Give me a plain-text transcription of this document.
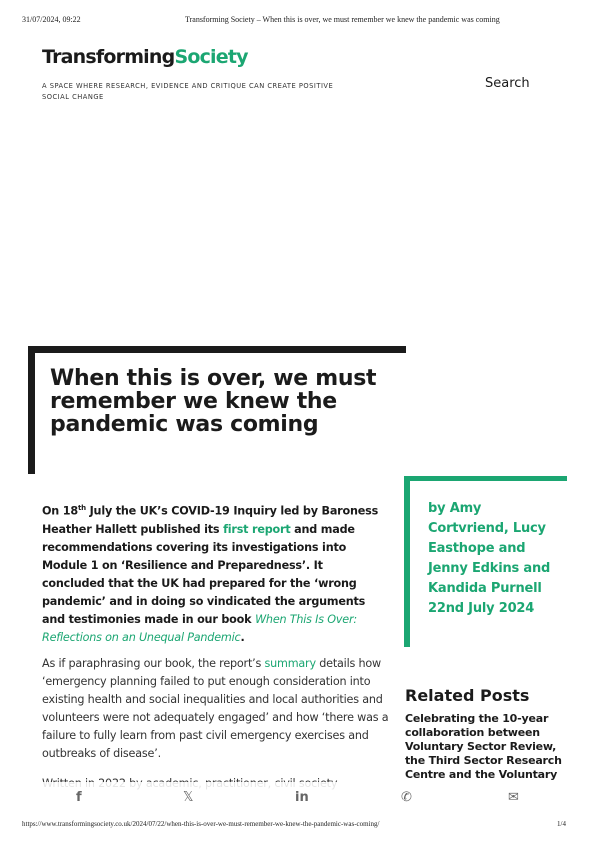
31/07/2024, 09:22	Transforming Society – When this is over, we must remember we knew the pandemic was coming
TransformingSociety
A SPACE WHERE RESEARCH, EVIDENCE AND CRITIQUE CAN CREATE POSITIVE SOCIAL CHANGE
Search
When this is over, we must remember we knew the pandemic was coming

On 18th July the UK’s COVID-19 Inquiry led by Baroness Heather Hallett published its first report and made recommendations covering its investigations into Module 1 on ‘Resilience and Preparedness’. It concluded that the UK had prepared for the ‘wrong pandemic’ and in doing so vindicated the arguments and testimonies made in our book When This Is Over: Reflections on an Unequal Pandemic.

As if paraphrasing our book, the report’s summary details how ‘emergency planning failed to put enough consideration into existing health and social inequalities and local authorities and volunteers were not adequately engaged’ and how ‘there was a failure to fully learn from past civil emergency exercises and outbreaks of disease’.

by Amy Cortvriend, Lucy Easthope and Jenny Edkins and Kandida Purnell
22nd July 2024
Related Posts
Celebrating the 10-year collaboration between Voluntary Sector Review, the Third Sector Research Centre and the Voluntary
f	𝕏	in	✆	✉
https://www.transformingsociety.co.uk/2024/07/22/when-this-is-over-we-must-remember-we-knew-the-pandemic-was-coming/	1/4
